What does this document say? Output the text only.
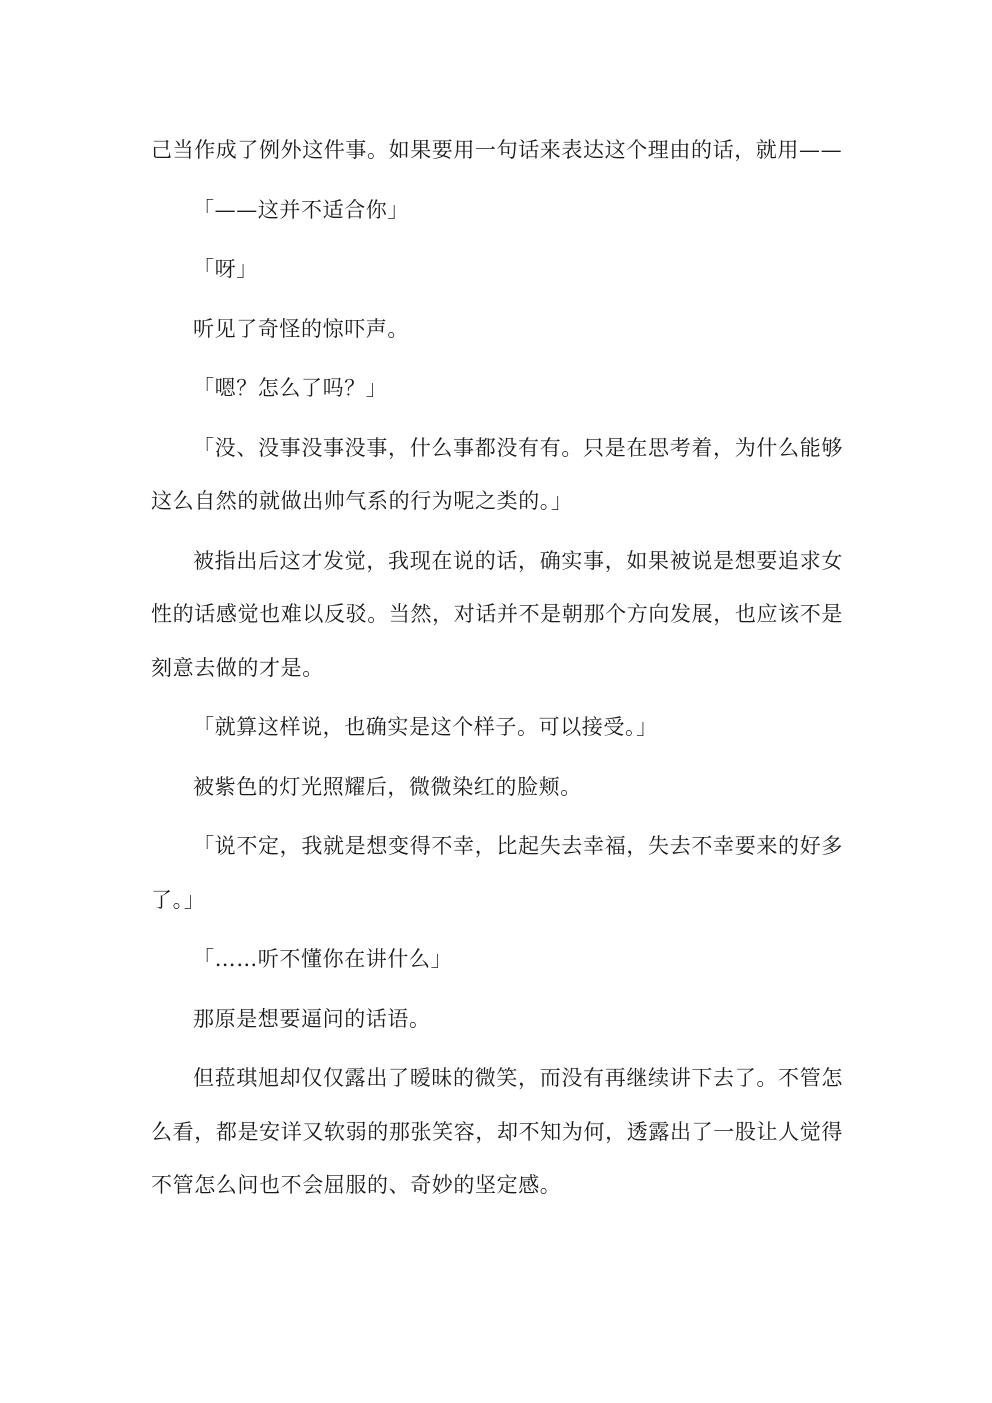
己当作成了例外这件事。如果要用一句话来表达这个理由的话，就用——

「——这并不适合你」

「呀」

听见了奇怪的惊吓声。

「嗯？怎么了吗？」

「没、没事没事没事，什么事都没有有。只是在思考着，为什么能够这么自然的就做出帅气系的行为呢之类的。」

被指出后这才发觉，我现在说的话，确实事，如果被说是想要追求女性的话感觉也难以反驳。当然，对话并不是朝那个方向发展，也应该不是刻意去做的才是。

「就算这样说，也确实是这个样子。可以接受。」

被紫色的灯光照耀后，微微染红的脸颊。

「说不定，我就是想变得不幸，比起失去幸福，失去不幸要来的好多了。」

「……听不懂你在讲什么」

那原是想要逼问的话语。

但菈琪旭却仅仅露出了暧昧的微笑，而没有再继续讲下去了。不管怎么看，都是安详又软弱的那张笑容，却不知为何，透露出了一股让人觉得不管怎么问也不会屈服的、奇妙的坚定感。
